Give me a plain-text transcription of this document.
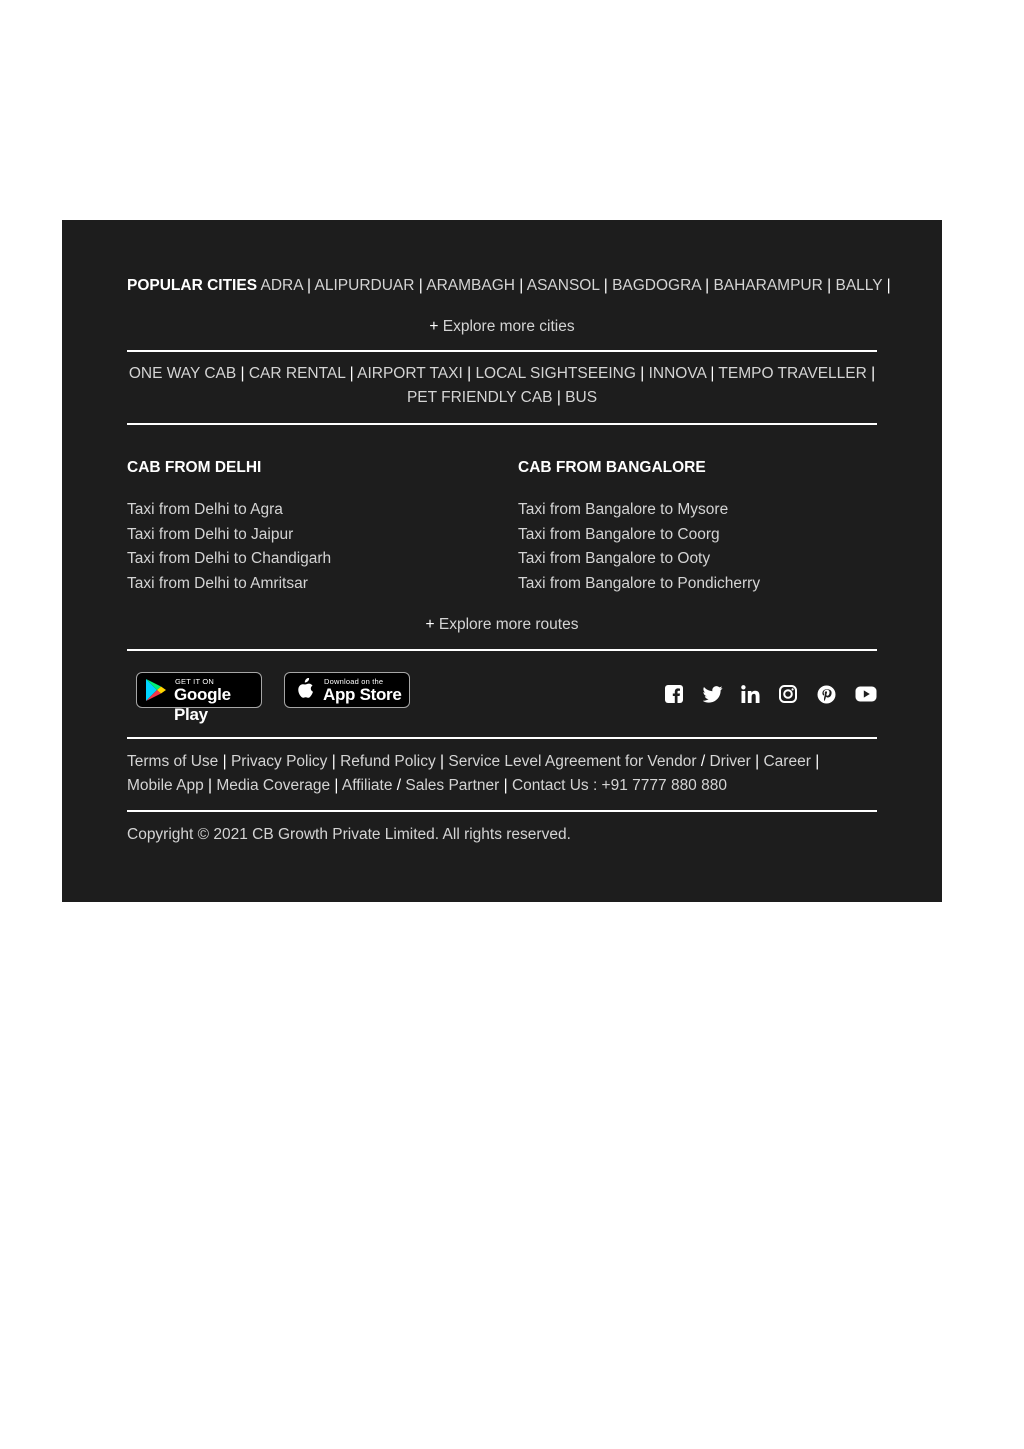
POPULAR CITIES ADRA | ALIPURDUAR | ARAMBAGH | ASANSOL | BAGDOGRA | BAHARAMPUR | BALLY |
+ Explore more cities
ONE WAY CAB | CAR RENTAL | AIRPORT TAXI | LOCAL SIGHTSEEING | INNOVA | TEMPO TRAVELLER |
PET FRIENDLY CAB | BUS
CAB FROM DELHI
Taxi from Delhi to Agra
Taxi from Delhi to Jaipur
Taxi from Delhi to Chandigarh
Taxi from Delhi to Amritsar
CAB FROM BANGALORE
Taxi from Bangalore to Mysore
Taxi from Bangalore to Coorg
Taxi from Bangalore to Ooty
Taxi from Bangalore to Pondicherry
+ Explore more routes
GET IT ON
Google Play
Download on the
App Store
Terms of Use | Privacy Policy | Refund Policy | Service Level Agreement for Vendor / Driver | Career |
Mobile App | Media Coverage | Affiliate / Sales Partner | Contact Us : +91 7777 880 880
Copyright © 2021 CB Growth Private Limited. All rights reserved.
